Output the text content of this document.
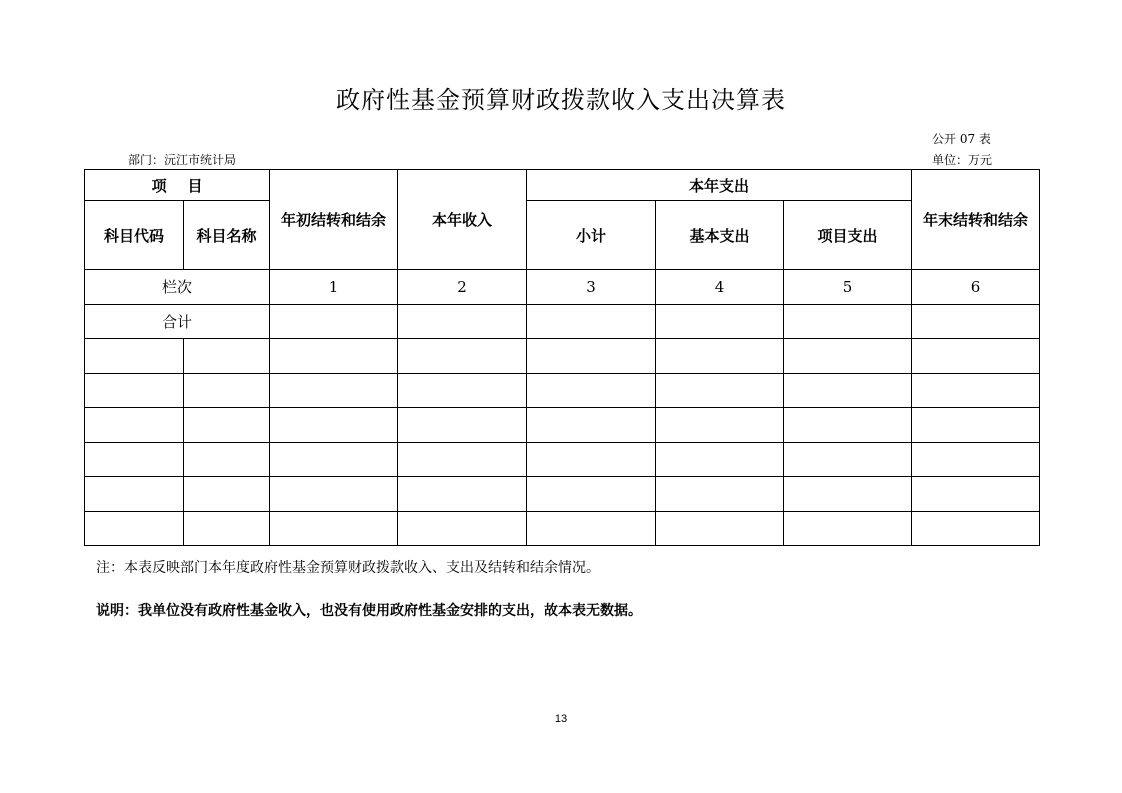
政府性基金预算财政拨款收入支出决算表
公开 07 表
部门：沅江市统计局	单位：万元
项    目		年初结转和结余	本年收入	本年支出			年末结转和结余
科目代码	科目名称			小计	基本支出	项目支出	
栏次		1	2	3	4	5	6
合计							

注：本表反映部门本年度政府性基金预算财政拨款收入、支出及结转和结余情况。
说明：我单位没有政府性基金收入，也没有使用政府性基金安排的支出，故本表无数据。
13
